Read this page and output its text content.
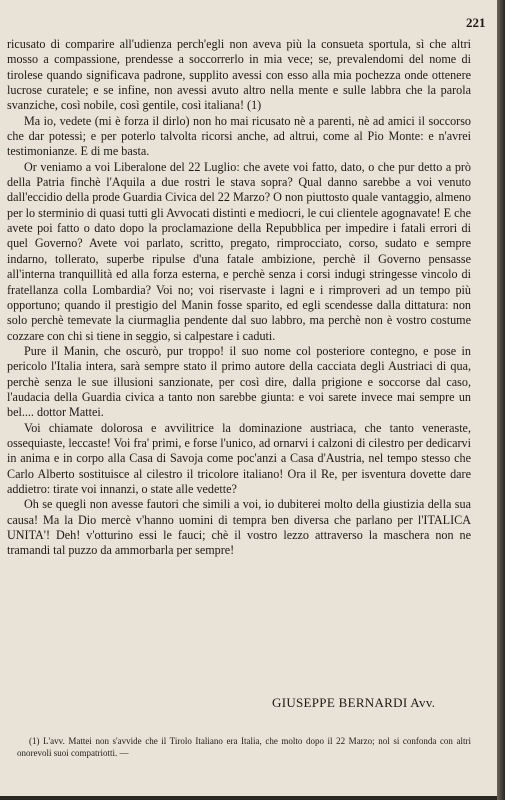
221

ricusato di comparire all'udienza perch'egli non aveva più la consueta sportula, sì che altri mosso a compassione, prendesse a soccorrerlo in mia vece; se, prevalendomi del nome di tirolese quando significava padrone, supplito avessi con esso alla mia pochezza onde ottenere lucrose curatele; e se infine, non avessi avuto altro nella mente e sulle labbra che la parola svanziche, così nobile, così gentile, così italiana! (1)

Ma io, vedete (mi è forza il dirlo) non ho mai ricusato nè a parenti, nè ad amici il soccorso che dar potessi; e per poterlo talvolta ricorsi anche, ad altrui, come al Pio Monte: e n'avrei testimonianze. E di me basta.

Or veniamo a voi Liberalone del 22 Luglio: che avete voi fatto, dato, o che pur detto a prò della Patria finchè l'Aquila a due rostri le stava sopra? Qual danno sarebbe a voi venuto dall'eccidio della prode Guardia Civica del 22 Marzo? O non piuttosto quale vantaggio, almeno per lo sterminio di quasi tutti gli Avvocati distinti e mediocri, le cui clientele agognavate! E che avete poi fatto o dato dopo la proclamazione della Repubblica per impedire i fatali errori di quel Governo? Avete voi parlato, scritto, pregato, rimprocciato, corso, sudato e sempre indarno, tollerato, superbe ripulse d'una fatale ambizione, perchè il Governo pensasse all'interna tranquillità ed alla forza esterna, e perchè senza i corsi indugi stringesse vincolo di fratellanza colla Lombardia? Voi no; voi riservaste i lagni e i rimproveri ad un tempo più opportuno; quando il prestigio del Manin fosse sparito, ed egli scendesse dalla dittatura: non solo perchè temevate la ciurmaglia pendente dal suo labbro, ma perchè non è vostro costume cozzare con chi si tiene in seggio, si calpestare i caduti.

Pure il Manin, che oscurò, pur troppo! il suo nome col posteriore contegno, e pose in pericolo l'Italia intera, sarà sempre stato il primo autore della cacciata degli Austriaci di qua, perchè senza le sue illusioni sanzionate, per così dire, dalla prigione e soccorse dal caso, l'audacia della Guardia civica a tanto non sarebbe giunta: e voi sarete invece mai sempre un bel.... dottor Mattei.

Voi chiamate dolorosa e avvilitrice la dominazione austriaca, che tanto veneraste, ossequiaste, leccaste! Voi fra' primi, e forse l'unico, ad ornarvi i calzoni di cilestro per dedicarvi in anima e in corpo alla Casa di Savoja come poc'anzi a Casa d'Austria, nel tempo stesso che Carlo Alberto sostituisce al cilestro il tricolore italiano! Ora il Re, per isventura dovette dare addietro: tirate voi innanzi, o state alle vedette?

Oh se quegli non avesse fautori che simili a voi, io dubiterei molto della giustizia della sua causa! Ma la Dio mercè v'hanno uomini di tempra ben diversa che parlano per l'ITALICA UNITA'! Deh! v'otturino essi le fauci; chè il vostro lezzo attraverso la maschera non ne tramandi tal puzzo da ammorbarla per sempre!

GIUSEPPE BERNARDI Avv.
(1) L'avv. Mattei non s'avvide che il Tirolo Italiano era Italia, che molto dopo il 22 Marzo; nol si confonda con altri onorevoli suoi compatriotti. —
